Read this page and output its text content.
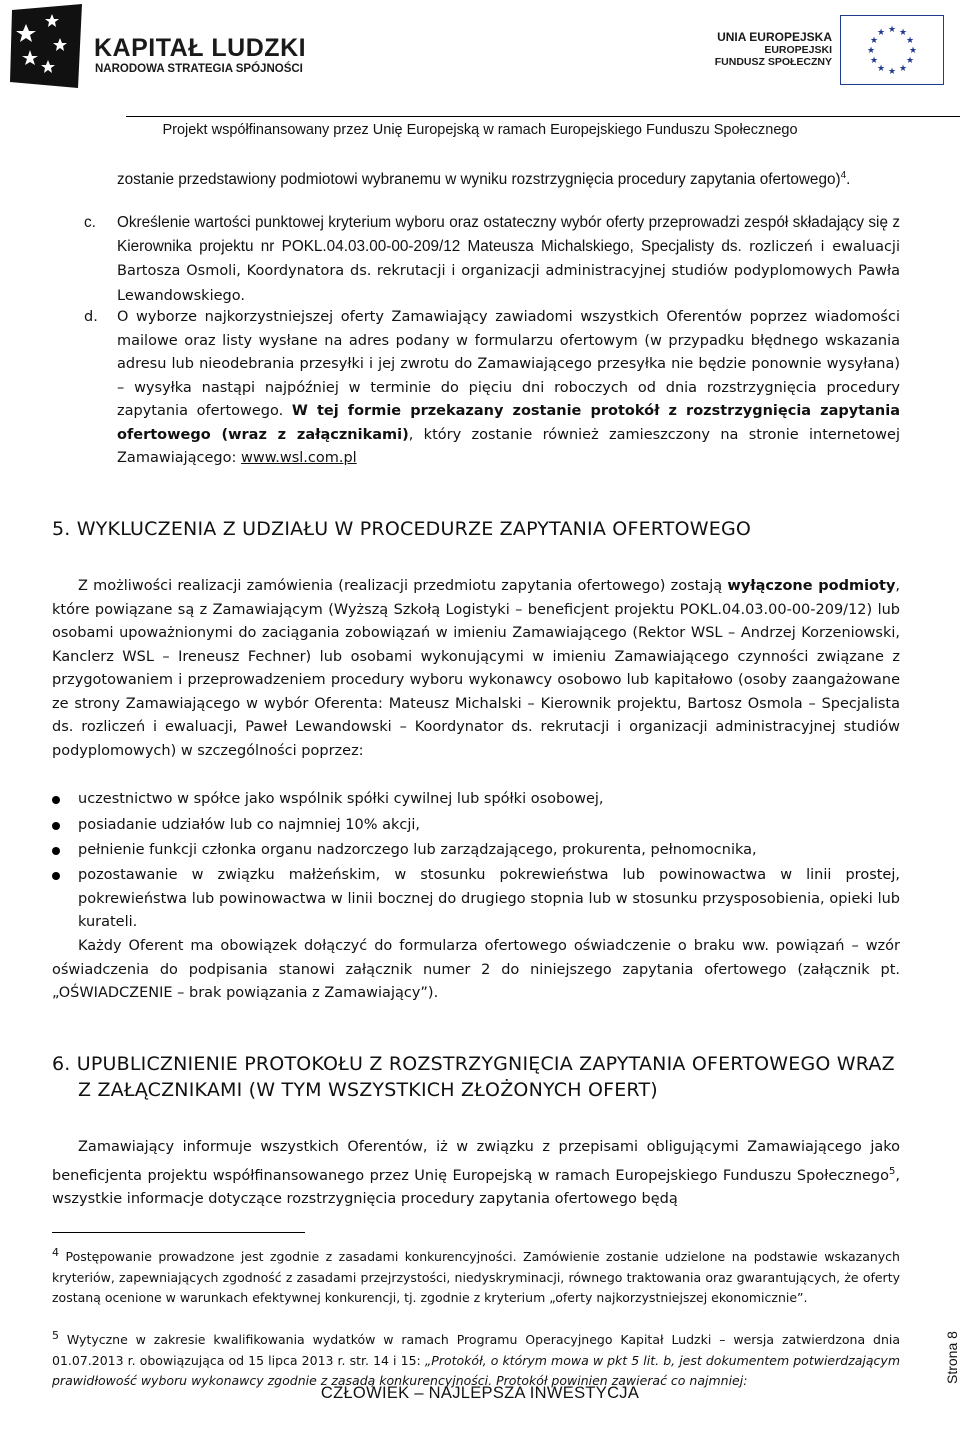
KAPITAŁ LUDZKI
NARODOWA STRATEGIA SPÓJNOŚCI
UNIA EUROPEJSKA
EUROPEJSKI
FUNDUSZ SPOŁECZNY
★ ★
★
★
★
★
★
★
★
★
★
★
Projekt współfinansowany przez Unię Europejską w ramach Europejskiego Funduszu Społecznego
zostanie przedstawiony podmiotowi wybranemu w wyniku rozstrzygnięcia procedury zapytania ofertowego)$^4$.
c. Określenie wartości punktowej kryterium wyboru oraz ostateczny wybór oferty przeprowadzi zespół składający się z Kierownika projektu nr POKL.04.03.00-00-209/12 Mateusza Michalskiego, Specjalisty ds. rozliczeń i ewaluacji Bartosza Osmoli, Koordynatora ds. rekrutacji i organizacji administracyjnej studiów podyplomowych Pawła Lewandowskiego.
d. O wyborze najkorzystniejszej oferty Zamawiający zawiadomi wszystkich Oferentów poprzez wiadomości mailowe oraz listy wysłane na adres podany w formularzu ofertowym (w przypadku błędnego wskazania adresu lub nieodebrania przesyłki i jej zwrotu do Zamawiającego przesyłka nie będzie ponownie wysyłana) – wysyłka nastąpi najpóźniej w terminie do pięciu dni roboczych od dnia rozstrzygnięcia procedury zapytania ofertowego. W tej formie przekazany zostanie protokół z rozstrzygnięcia zapytania ofertowego (wraz z załącznikami), który zostanie również zamieszczony na stronie internetowej Zamawiającego: www.wsl.com.pl
5. WYKLUCZENIA Z UDZIAŁU W PROCEDURZE ZAPYTANIA OFERTOWEGO
Z możliwości realizacji zamówienia (realizacji przedmiotu zapytania ofertowego) zostają wyłączone podmioty, które powiązane są z Zamawiającym (Wyższą Szkołą Logistyki – beneficjent projektu POKL.04.03.00-00-209/12) lub osobami upoważnionymi do zaciągania zobowiązań w imieniu Zamawiającego (Rektor WSL – Andrzej Korzeniowski, Kanclerz WSL – Ireneusz Fechner) lub osobami wykonującymi w imieniu Zamawiającego czynności związane z przygotowaniem i przeprowadzeniem procedury wyboru wykonawcy osobowo lub kapitałowo (osoby zaangażowane ze strony Zamawiającego w wybór Oferenta: Mateusz Michalski – Kierownik projektu, Bartosz Osmola – Specjalista ds. rozliczeń i ewaluacji, Paweł Lewandowski – Koordynator ds. rekrutacji i organizacji administracyjnej studiów podyplomowych) w szczególności poprzez:
uczestnictwo w spółce jako wspólnik spółki cywilnej lub spółki osobowej,
posiadanie udziałów lub co najmniej 10% akcji,
pełnienie funkcji członka organu nadzorczego lub zarządzającego, prokurenta, pełnomocnika,
pozostawanie w związku małżeńskim, w stosunku pokrewieństwa lub powinowactwa w linii prostej, pokrewieństwa lub powinowactwa w linii bocznej do drugiego stopnia lub w stosunku przysposobienia, opieki lub kurateli.
Każdy Oferent ma obowiązek dołączyć do formularza ofertowego oświadczenie o braku ww. powiązań – wzór oświadczenia do podpisania stanowi załącznik numer 2 do niniejszego zapytania ofertowego (załącznik pt. „OŚWIADCZENIE – brak powiązania z Zamawiający”).
6. UPUBLICZNIENIE PROTOKOŁU Z ROZSTRZYGNIĘCIA ZAPYTANIA OFERTOWEGO WRAZ
Z ZAŁĄCZNIKAMI (W TYM WSZYSTKICH ZŁOŻONYCH OFERT)
Zamawiający informuje wszystkich Oferentów, iż w związku z przepisami obligującymi Zamawiającego jako beneficjenta projektu współfinansowanego przez Unię Europejską w ramach Europejskiego Funduszu Społecznego$^5$, wszystkie informacje dotyczące rozstrzygnięcia procedury zapytania ofertowego będą
$^4$ Postępowanie prowadzone jest zgodnie z zasadami konkurencyjności. Zamówienie zostanie udzielone na podstawie wskazanych kryteriów, zapewniających zgodność z zasadami przejrzystości, niedyskryminacji, równego traktowania oraz gwarantujących, że oferty zostaną ocenione w warunkach efektywnej konkurencji, tj. zgodnie z kryterium „oferty najkorzystniejszej ekonomicznie”.
$^5$ Wytyczne w zakresie kwalifikowania wydatków w ramach Programu Operacyjnego Kapitał Ludzki – wersja zatwierdzona dnia 01.07.2013 r. obowiązująca od 15 lipca 2013 r. str. 14 i 15: „Protokół, o którym mowa w pkt 5 lit. b, jest dokumentem potwierdzającym prawidłowość wyboru wykonawcy zgodnie z zasadą konkurencyjności. Protokół powinien zawierać co najmniej:
CZŁOWIEK – NAJLEPSZA INWESTYCJA
Strona 8
